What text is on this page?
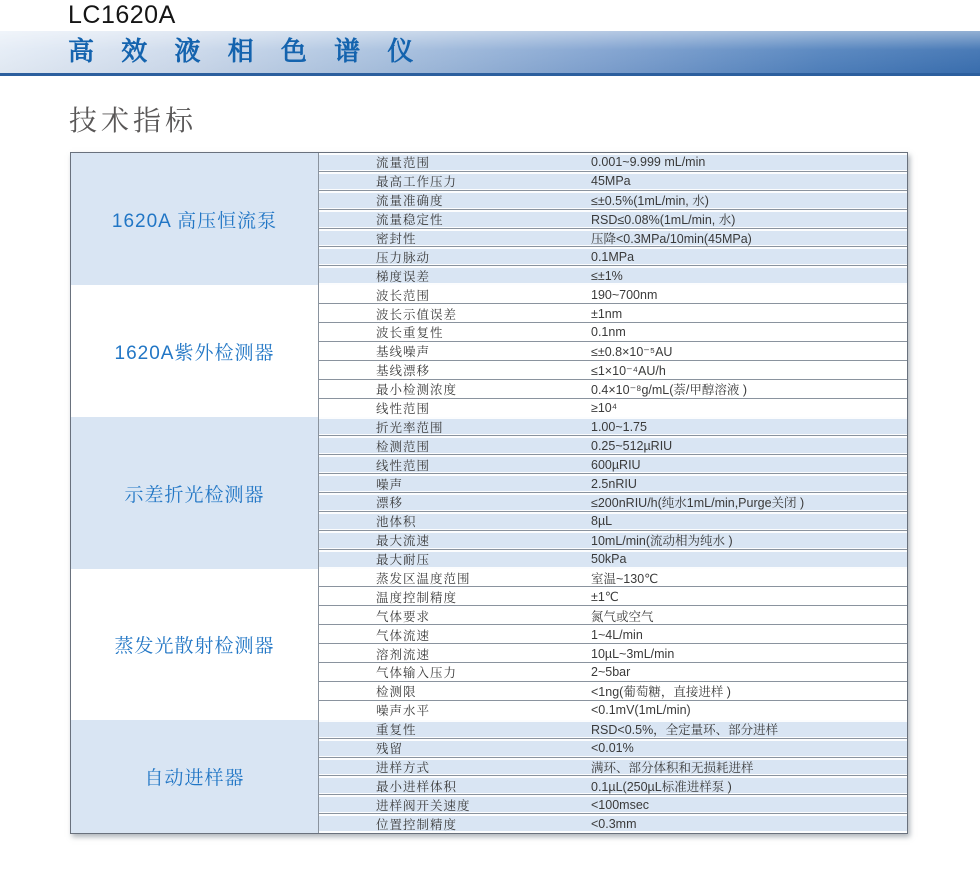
LC1620A
高 效 液 相 色 谱 仪
技术指标
1620A 高压恒流泵
流量范围	0.001~9.999 mL/min
最高工作压力	45MPa
流量准确度	≤±0.5%(1mL/min, 水)
流量稳定性	RSD≤0.08%(1mL/min, 水)
密封性	压降<0.3MPa/10min(45MPa)
压力脉动	0.1MPa
梯度误差	≤±1%
1620A紫外检测器
波长范围	190~700nm
波长示值误差	±1nm
波长重复性	0.1nm
基线噪声	≤±0.8×10⁻⁵AU
基线漂移	≤1×10⁻⁴AU/h
最小检测浓度	0.4×10⁻⁸g/mL(萘/甲醇溶液 )
线性范围	≥10⁴
示差折光检测器
折光率范围	1.00~1.75
检测范围	0.25~512µRIU
线性范围	600µRIU
噪声	2.5nRIU
漂移	≤200nRIU/h(纯水1mL/min,Purge关闭 )
池体积	8µL
最大流速	10mL/min(流动相为纯水 )
最大耐压	50kPa
蒸发光散射检测器
蒸发区温度范围	室温~130℃
温度控制精度	±1℃
气体要求	氮气或空气
气体流速	1~4L/min
溶剂流速	10µL~3mL/min
气体输入压力	2~5bar
检测限	<1ng(葡萄糖，直接进样 )
噪声水平	<0.1mV(1mL/min)
自动进样器
重复性	RSD<0.5%，全定量环、部分进样
残留	<0.01%
进样方式	满环、部分体积和无损耗进样
最小进样体积	0.1µL(250µL标准进样泵 )
进样阀开关速度	<100msec
位置控制精度	<0.3mm
